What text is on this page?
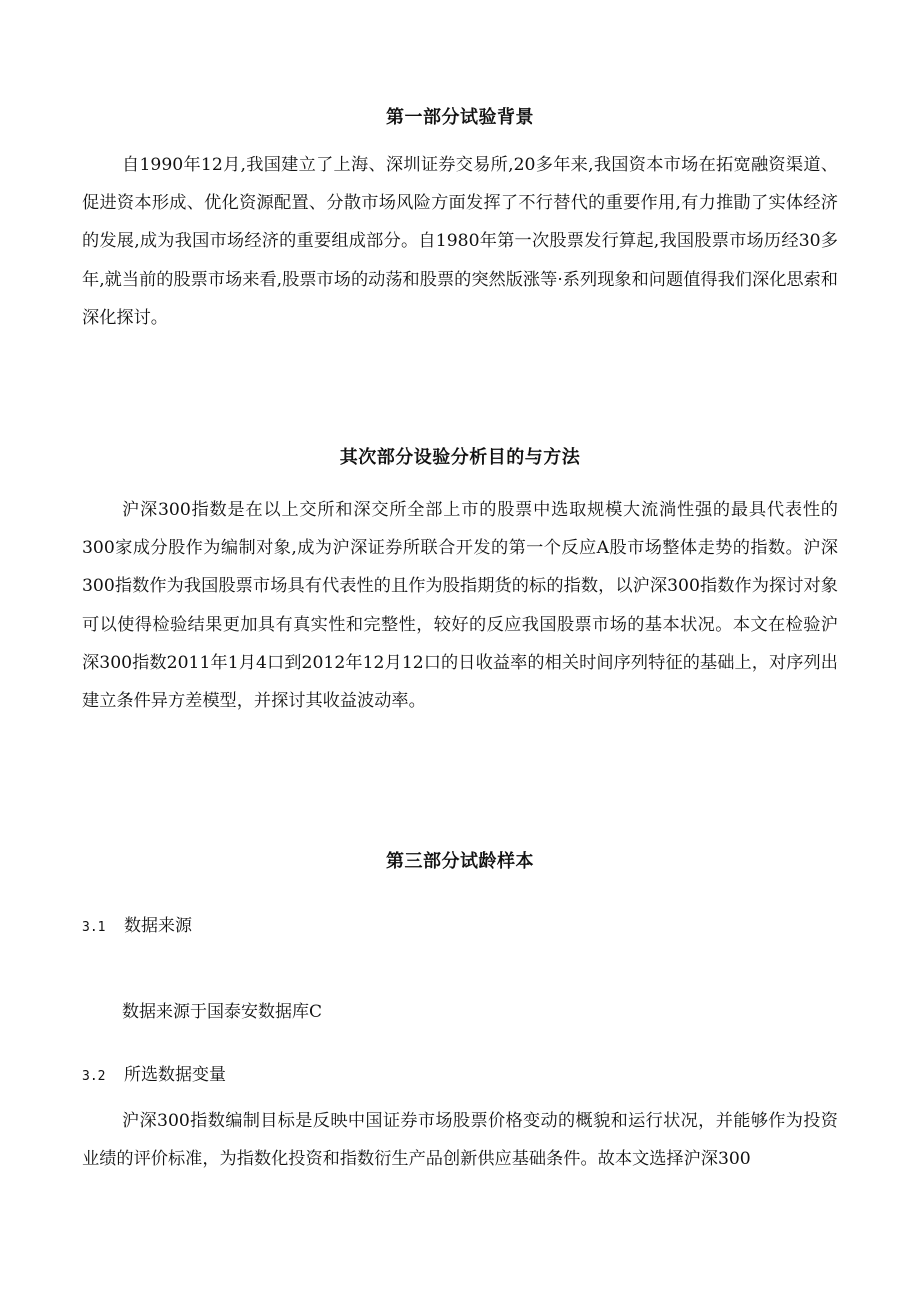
第一部分试验背景

自1990年12月,我国建立了上海、深圳证券交易所,20多年来,我国资本市场在拓宽融资渠道、促进资本形成、优化资源配置、分散市场风险方面发挥了不行替代的重要作用,有力推勖了实体经济的发展,成为我国市场经济的重要组成部分。自1980年第一次股票发行算起,我国股票市场历经30多年,就当前的股票市场来看,股票市场的动荡和股票的突然版涨等·系列现象和问题值得我们深化思索和深化探讨。

其次部分设验分析目的与方法

沪深300指数是在以上交所和深交所全部上市的股票中选取规模大流淌性强的最具代表性的300家成分股作为编制对象,成为沪深证券所联合开发的第一个反应A股市场整体走势的指数。沪深300指数作为我国股票市场具有代表性的且作为股指期货的标的指数，以沪深300指数作为探讨对象可以使得检验结果更加具有真实性和完整性，较好的反应我国股票市场的基本状况。本文在检验沪深300指数2011年1月4口到2012年12月12口的日收益率的相关时间序列特征的基础上，对序列出建立条件异方差模型，并探讨其收益波动率。

第三部分试龄样本
3.1 数据来源
数据来源于国泰安数据库C
3.2 所选数据变量

沪深300指数编制目标是反映中国证券市场股票价格变动的概貌和运行状况，并能够作为投资业绩的评价标准，为指数化投资和指数衍生产品创新供应基础条件。故本文选择沪深300
